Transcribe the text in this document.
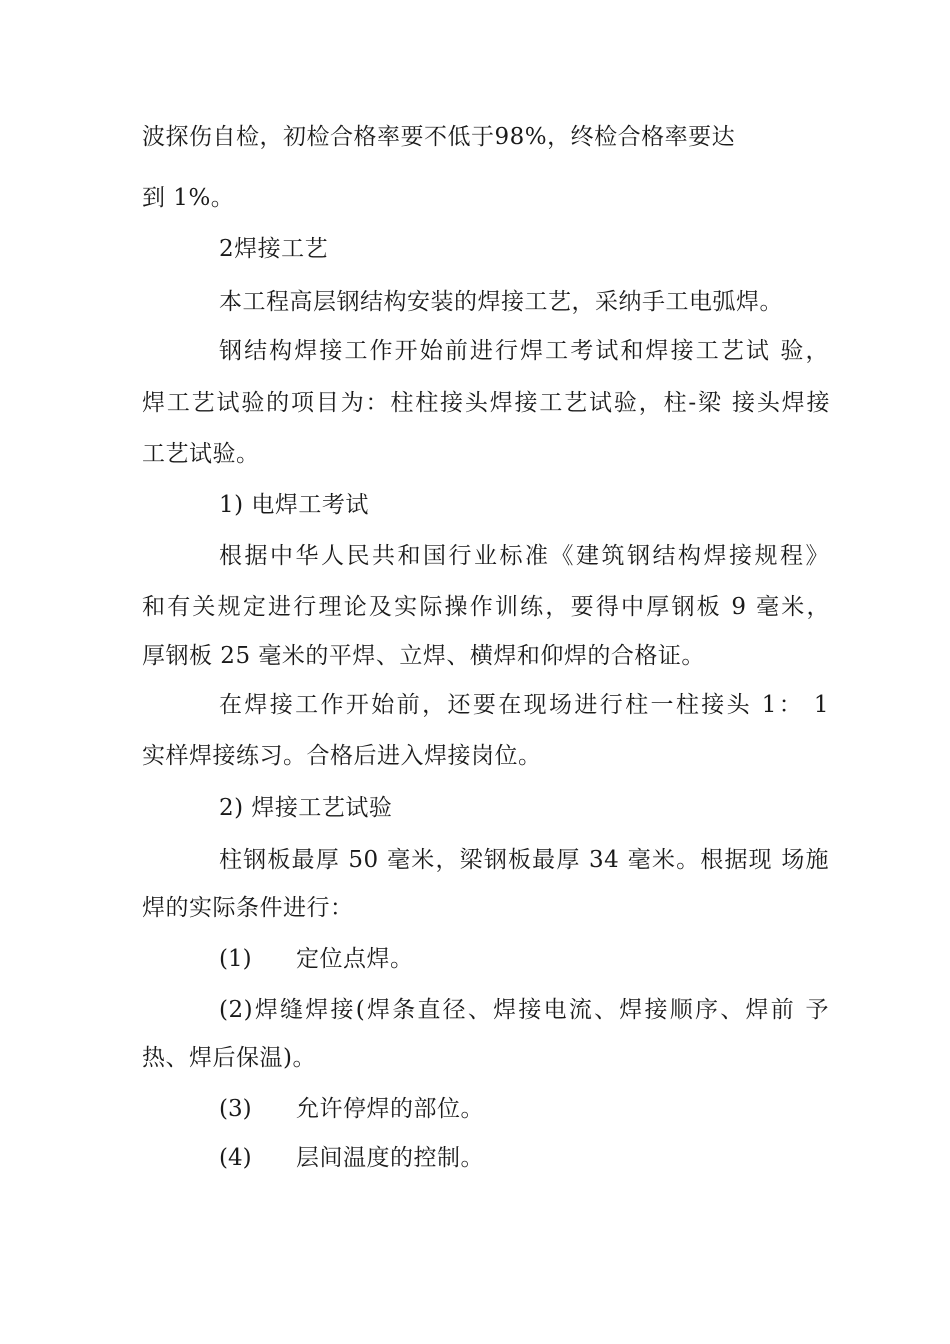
波探伤自检，初检合格率要不低于98%，终检合格率要达
到 1%。
2焊接工艺
本工程高层钢结构安装的焊接工艺，采纳手工电弧焊。
钢结构焊接工作开始前进行焊工考试和焊接工艺试 验，
焊工艺试验的项目为：柱柱接头焊接工艺试验，柱-梁 接头焊接
工艺试验。
1) 电焊工考试
根据中华人民共和国行业标准《建筑钢结构焊接规程》
和有关规定进行理论及实际操作训练，要得中厚钢板 9 毫米，
厚钢板 25 毫米的平焊、立焊、横焊和仰焊的合格证。
在焊接工作开始前，还要在现场进行柱一柱接头 1： 1
实样焊接练习。合格后进入焊接岗位。
2) 焊接工艺试验
柱钢板最厚 50 毫米，梁钢板最厚 34 毫米。根据现 场施
焊的实际条件进行：
(1) 定位点焊。
(2)焊缝焊接(焊条直径、焊接电流、焊接顺序、焊前 予
热、焊后保温)。
(3) 允许停焊的部位。
(4) 层间温度的控制。
